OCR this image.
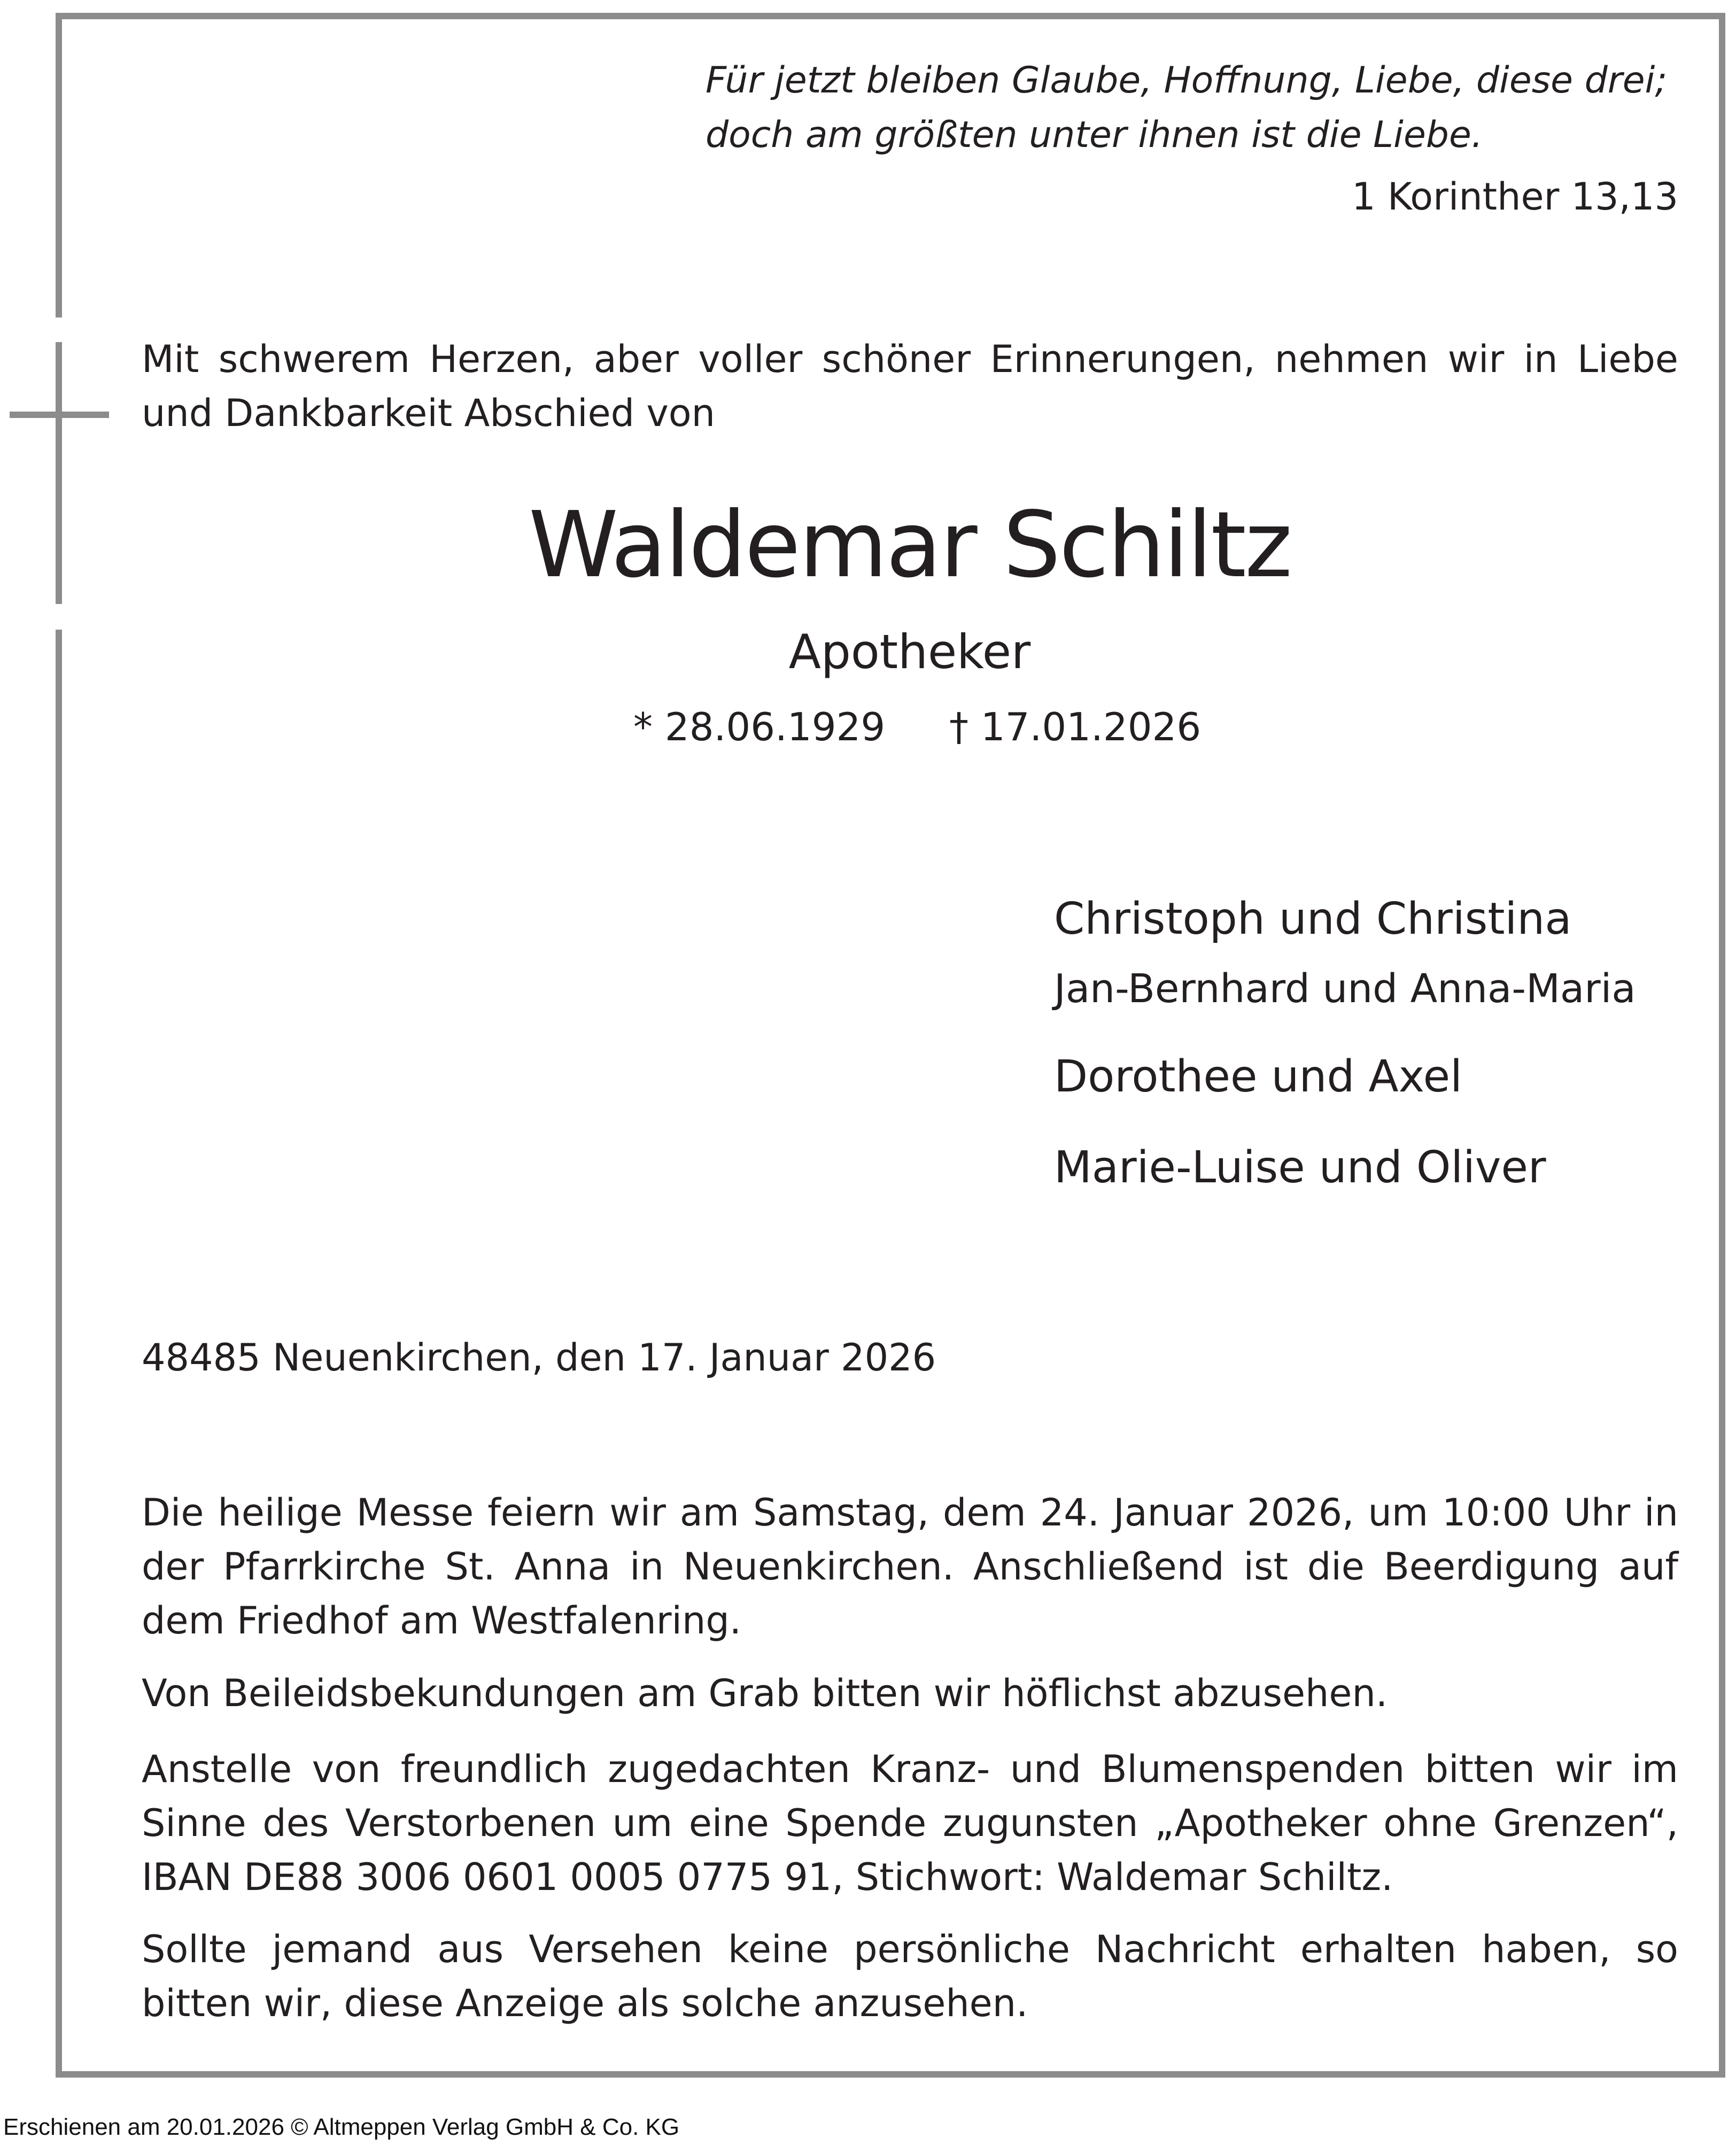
Für jetzt bleiben Glaube, Hoffnung, Liebe, diese drei;
doch am größten unter ihnen ist die Liebe.
1 Korinther 13,13
Mit schwerem Herzen, aber voller schöner Erinnerungen, nehmen wir in Liebe und Dankbarkeit Abschied von
Waldemar Schiltz
Apotheker
* 28.06.1929 † 17.01.2026
Christoph und Christina
Jan-Bernhard und Anna-Maria
Dorothee und Axel
Marie-Luise und Oliver
48485 Neuenkirchen, den 17. Januar 2026
Die heilige Messe feiern wir am Samstag, dem 24. Januar 2026, um 10:00 Uhr in der Pfarrkirche St. Anna in Neuenkirchen. Anschließend ist die Beerdigung auf dem Friedhof am Westfalenring.
Von Beileidsbekundungen am Grab bitten wir höflichst abzusehen.
Anstelle von freundlich zugedachten Kranz- und Blumenspenden bitten wir im Sinne des Verstorbenen um eine Spende zugunsten „Apotheker ohne Grenzen“, IBAN DE88 3006 0601 0005 0775 91, Stichwort: Waldemar Schiltz.
Sollte jemand aus Versehen keine persönliche Nachricht erhalten haben, so bitten wir, diese Anzeige als solche anzusehen.
Erschienen am 20.01.2026 © Altmeppen Verlag GmbH & Co. KG
